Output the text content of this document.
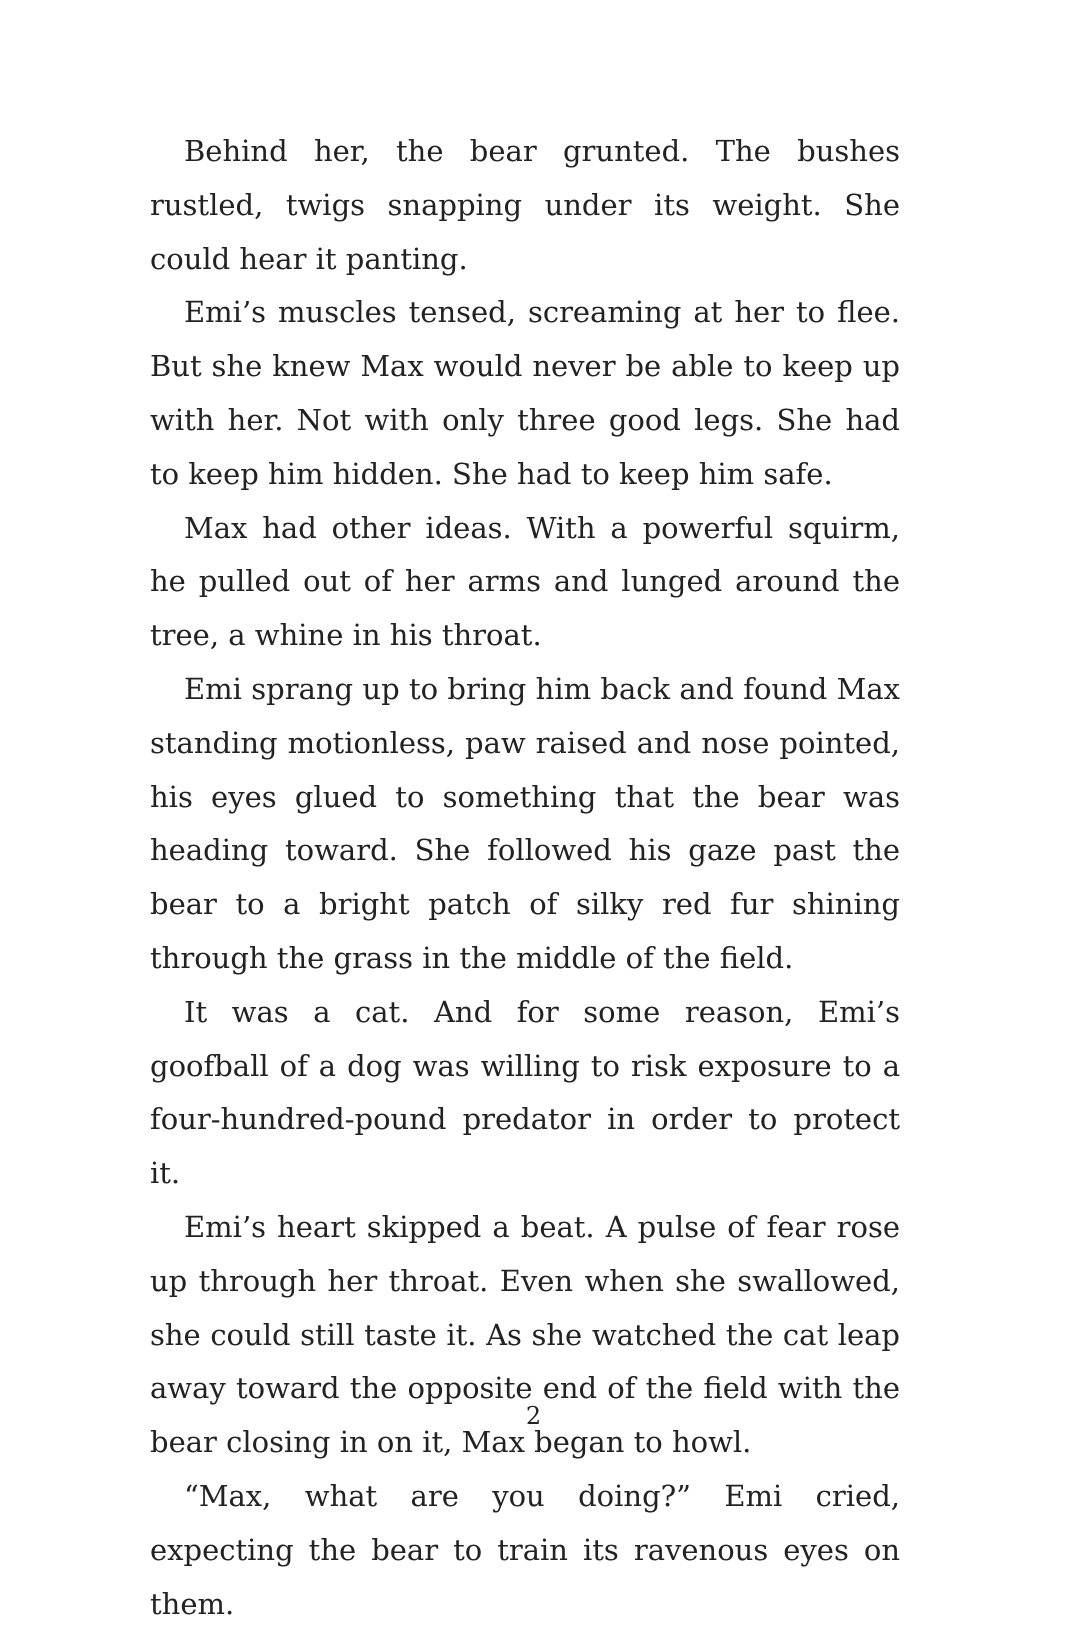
Behind her, the bear grunted. The bushes rustled, twigs snapping under its weight. She could hear it panting.

Emi’s muscles tensed, screaming at her to flee. But she knew Max would never be able to keep up with her. Not with only three good legs. She had to keep him hidden. She had to keep him safe.

Max had other ideas. With a powerful squirm, he pulled out of her arms and lunged around the tree, a whine in his throat.

Emi sprang up to bring him back and found Max standing motionless, paw raised and nose pointed, his eyes glued to something that the bear was heading toward. She followed his gaze past the bear to a bright patch of silky red fur shining through the grass in the middle of the field.

It was a cat. And for some reason, Emi’s goofball of a dog was willing to risk exposure to a four-hundred-pound predator in order to protect it.

Emi’s heart skipped a beat. A pulse of fear rose up through her throat. Even when she swallowed, she could still taste it. As she watched the cat leap away toward the opposite end of the field with the bear closing in on it, Max began to howl.

“Max, what are you doing?” Emi cried, expecting the bear to train its ravenous eyes on them.

2
